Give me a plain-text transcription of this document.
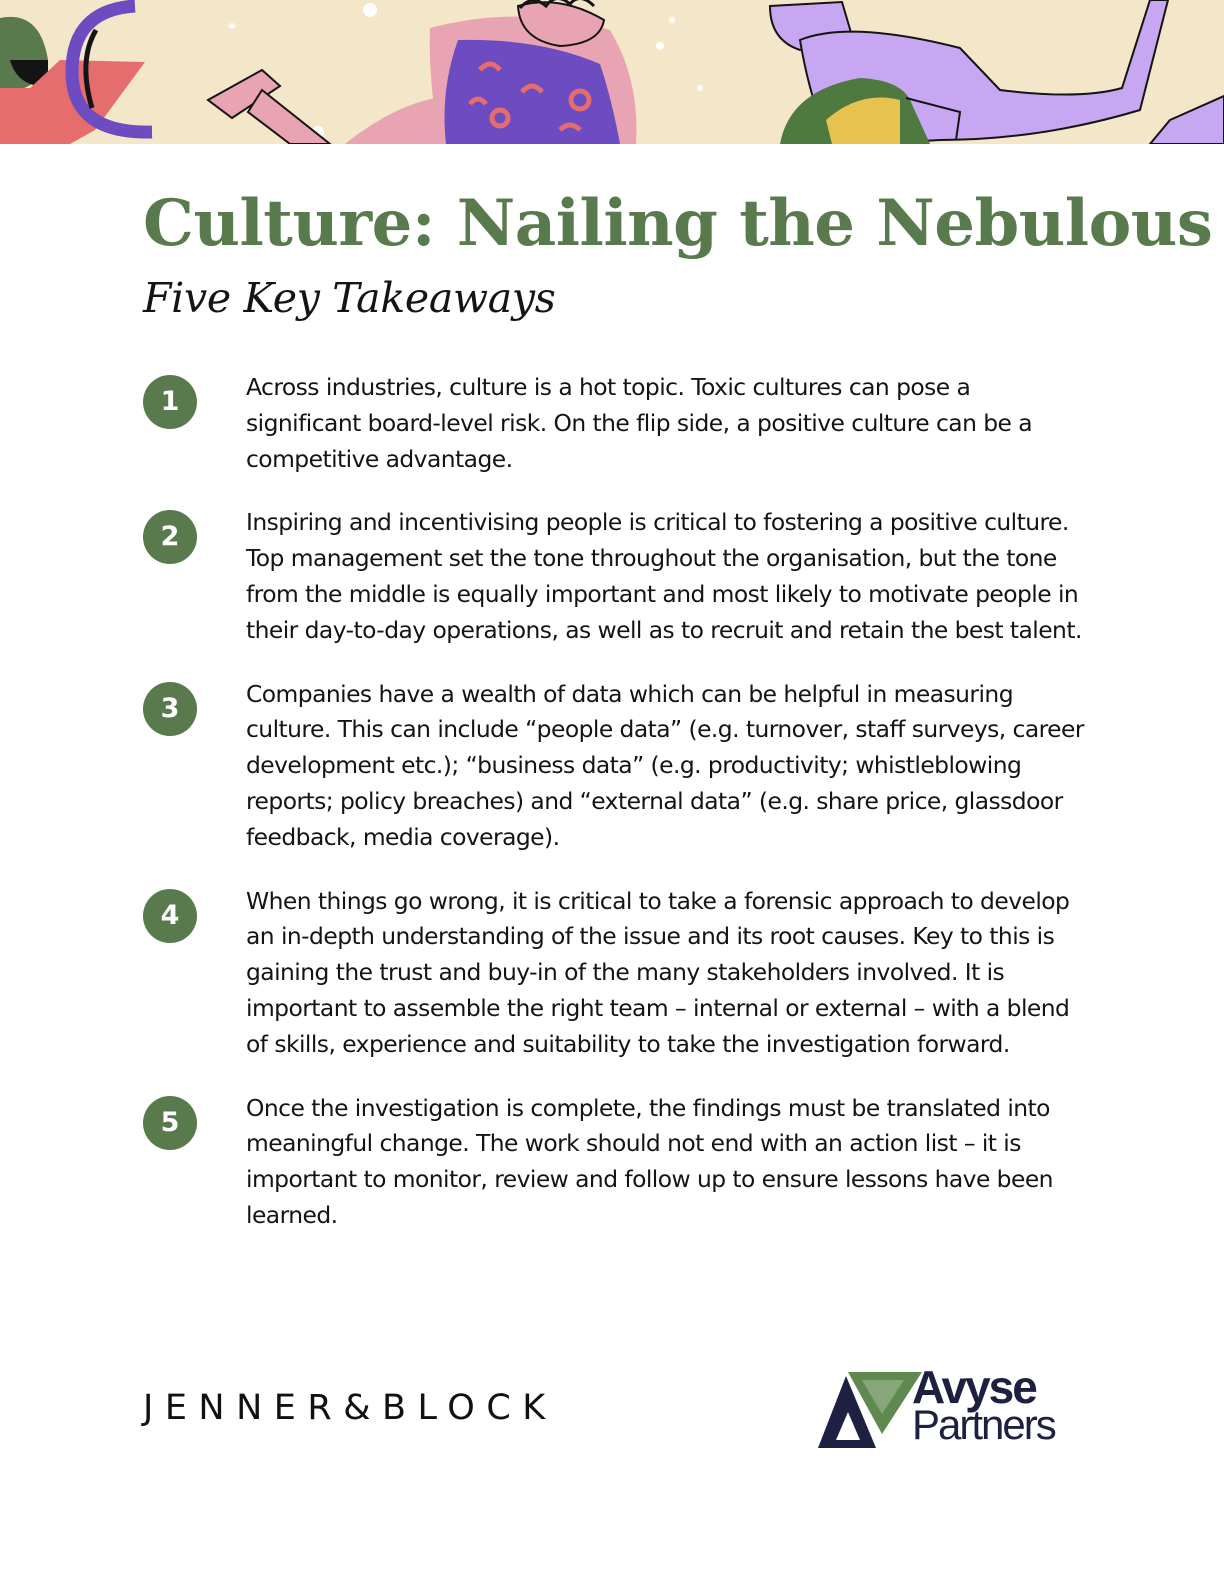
Culture: Nailing the Nebulous
Five Key Takeaways
1	Across industries, culture is a hot topic. Toxic cultures can pose a significant board-level risk. On the flip side, a positive culture can be a competitive advantage.

2	Inspiring and incentivising people is critical to fostering a positive culture. Top management set the tone throughout the organisation, but the tone from the middle is equally important and most likely to motivate people in their day-to-day operations, as well as to recruit and retain the best talent.

3	Companies have a wealth of data which can be helpful in measuring culture. This can include “people data” (e.g. turnover, staff surveys, career development etc.); “business data” (e.g. productivity; whistleblowing reports; policy breaches) and “external data” (e.g. share price, glassdoor feedback, media coverage).

4	When things go wrong, it is critical to take a forensic approach to develop an in-depth understanding of the issue and its root causes. Key to this is gaining the trust and buy-in of the many stakeholders involved. It is important to assemble the right team – internal or external – with a blend of skills, experience and suitability to take the investigation forward.

5	Once the investigation is complete, the findings must be translated into meaningful change. The work should not end with an action list – it is important to monitor, review and follow up to ensure lessons have been learned.

JENNER&BLOCK	Avyse
Partners
